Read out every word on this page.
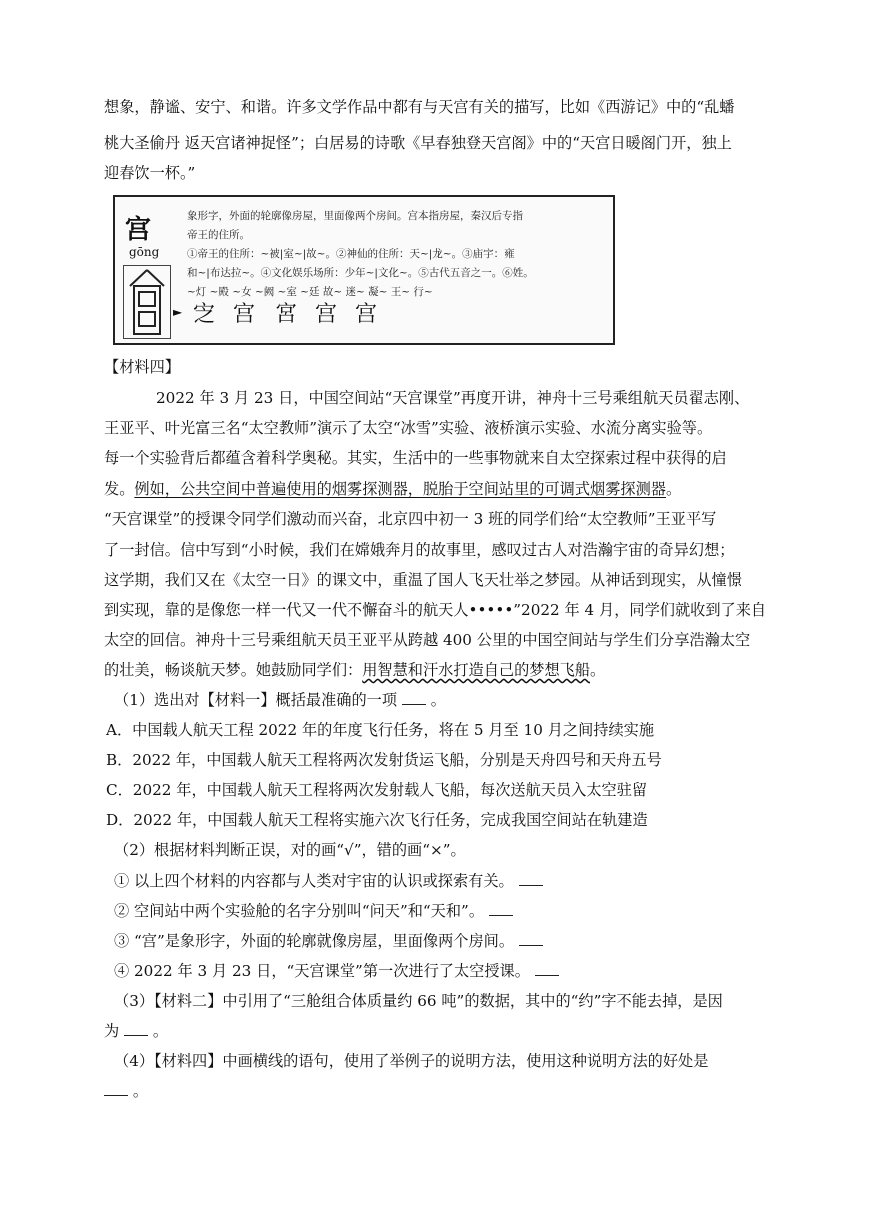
想象，静谧、安宁、和谐。许多文学作品中都有与天宫有关的描写，比如《西游记》中的“乱蟠
桃大圣偷丹 返天宫诸神捉怪”；白居易的诗歌《早春独登天宫阁》中的“天宫日暖阁门开，独上
迎春饮一杯。”
宫
gōng
象形字，外面的轮廓像房屋，里面像两个房间。宫本指房屋，秦汉后专指
帝王的住所。
①帝王的住所：~被|室~|故~。②神仙的住所：天~|龙~。③庙宇：雍
和~|布达拉~。④文化娱乐场所：少年~|文化~。⑤古代五音之一。⑥姓。
~灯 ~殿 ~女 ~阙 ~室 ~廷 故~ 迷~ 凝~ 王~ 行~
► 㝎 宫 宮 宫 宫
【材料四】
2022 年 3 月 23 日，中国空间站“天宫课堂”再度开讲，神舟十三号乘组航天员翟志刚、
王亚平、叶光富三名“太空教师”演示了太空“冰雪”实验、液桥演示实验、水流分离实验等。
每一个实验背后都蕴含着科学奥秘。其实，生活中的一些事物就来自太空探索过程中获得的启
发。例如，公共空间中普遍使用的烟雾探测器，脱胎于空间站里的可调式烟雾探测器。
“天宫课堂”的授课令同学们激动而兴奋，北京四中初一 3 班的同学们给“太空教师”王亚平写
了一封信。信中写到“小时候，我们在嫦娥奔月的故事里，感叹过古人对浩瀚宇宙的奇异幻想；
这学期，我们又在《太空一日》的课文中，重温了国人飞天壮举之梦园。从神话到现实，从憧憬
到实现，靠的是像您一样一代又一代不懈奋斗的航天人•••••”2022 年 4 月，同学们就收到了来自
太空的回信。神舟十三号乘组航天员王亚平从跨越 400 公里的中国空间站与学生们分享浩瀚太空
的壮美，畅谈航天梦。她鼓励同学们：用智慧和汗水打造自己的梦想飞船。
（1）选出对【材料一】概括最准确的一项 。
A．中国载人航天工程 2022 年的年度飞行任务，将在 5 月至 10 月之间持续实施
B．2022 年，中国载人航天工程将两次发射货运飞船，分别是天舟四号和天舟五号
C．2022 年，中国载人航天工程将两次发射载人飞船，每次送航天员入太空驻留
D．2022 年，中国载人航天工程将实施六次飞行任务，完成我国空间站在轨建造
（2）根据材料判断正误，对的画“√”，错的画“×”。
① 以上四个材料的内容都与人类对宇宙的认识或探索有关。
② 空间站中两个实验舱的名字分别叫“问天”和“天和”。
③ “宫”是象形字，外面的轮廓就像房屋，里面像两个房间。
④ 2022 年 3 月 23 日，“天宫课堂”第一次进行了太空授课。
（3）【材料二】中引用了“三舱组合体质量约 66 吨”的数据，其中的“约”字不能去掉，是因
为 。
（4）【材料四】中画横线的语句，使用了举例子的说明方法，使用这种说明方法的好处是
。
